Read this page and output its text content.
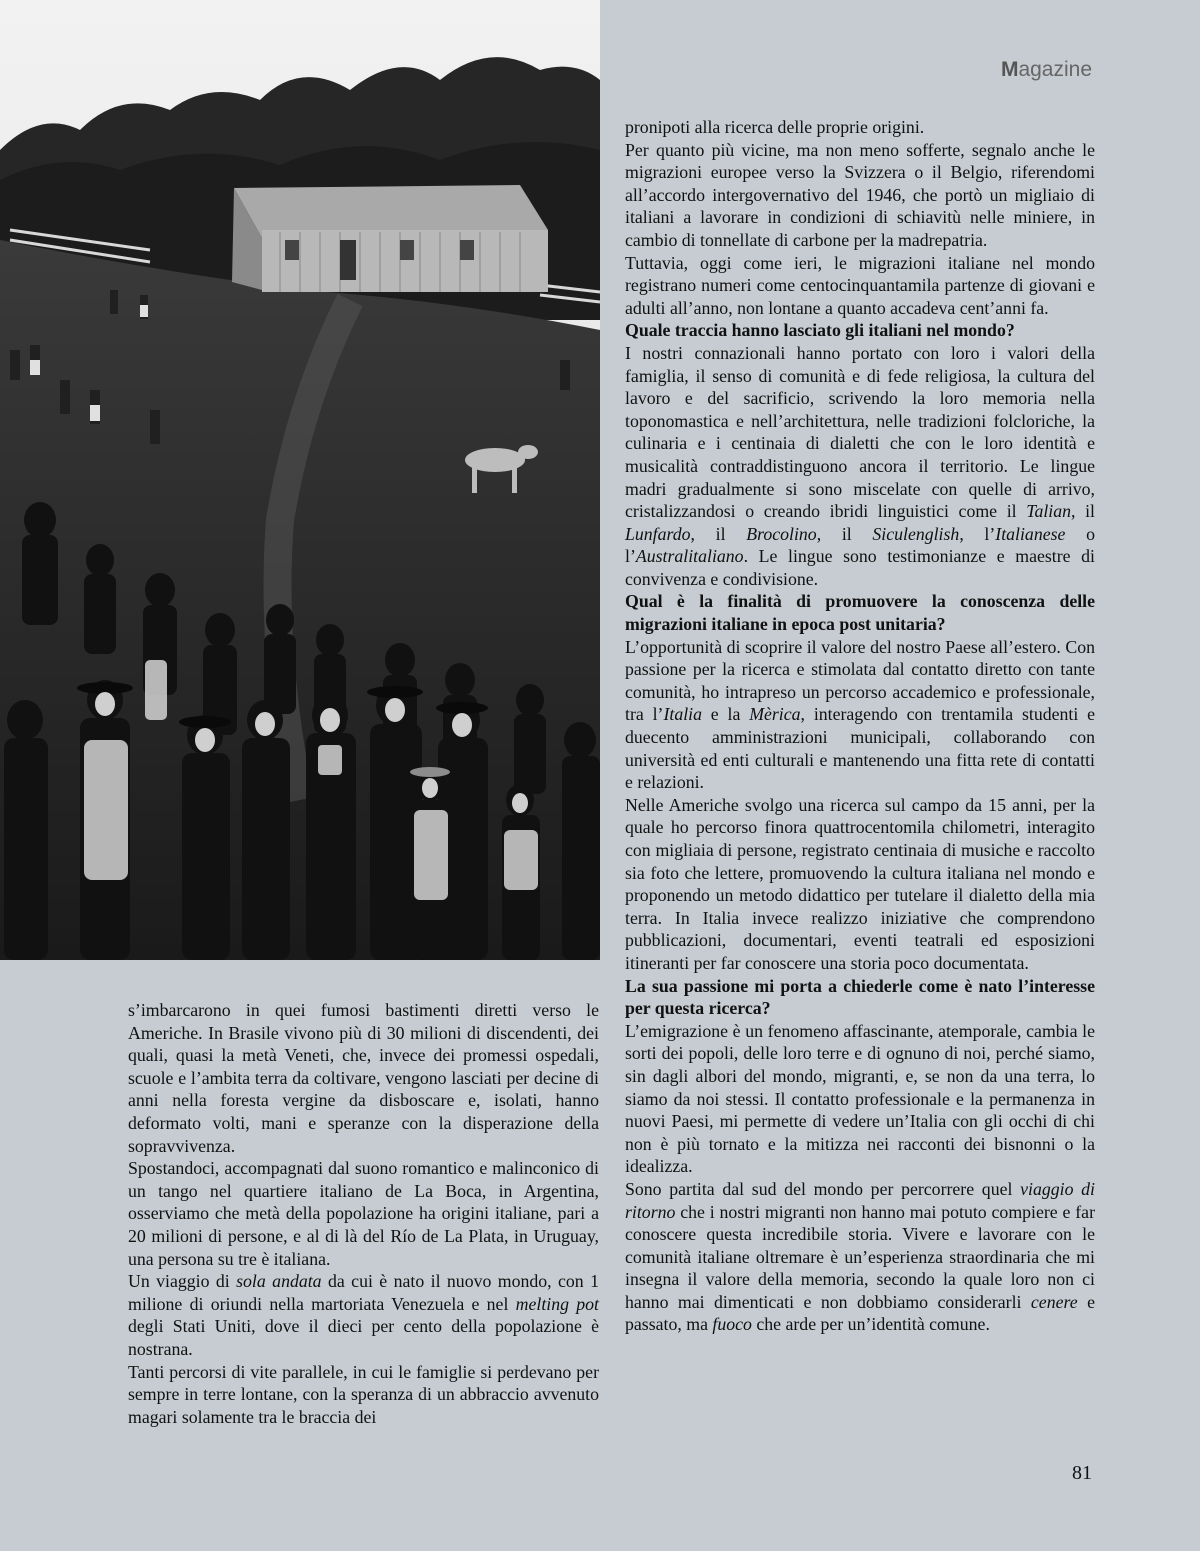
Magazine

pronipoti alla ricerca delle proprie origini.

Per quanto più vicine, ma non meno sofferte, segnalo anche le migrazioni europee verso la Svizzera o il Belgio, riferendomi all’accordo intergovernativo del 1946, che portò un migliaio di italiani a lavorare in condizioni di schiavitù nelle miniere, in cambio di tonnellate di carbone per la madrepatria.

Tuttavia, oggi come ieri, le migrazioni italiane nel mondo registrano numeri come centocinquantamila partenze di giovani e adulti all’anno, non lontane a quanto accadeva cent’anni fa.

Quale traccia hanno lasciato gli italiani nel mondo?

I nostri connazionali hanno portato con loro i valori della famiglia, il senso di comunità e di fede religiosa, la cultura del lavoro e del sacrificio, scrivendo la loro memoria nella toponomastica e nell’architettura, nelle tradizioni folcloriche, la culinaria e i centinaia di dialetti che con le loro identità e musicalità contraddistinguono ancora il territorio. Le lingue madri gradualmente si sono miscelate con quelle di arrivo, cristalizzandosi o creando ibridi linguistici come il Talian, il Lunfardo, il Brocolino, il Siculenglish, l’Italianese o l’Australitaliano. Le lingue sono testimonianze e maestre di convivenza e condivisione.

Qual è la finalità di promuovere la conoscenza delle migrazioni italiane in epoca post unitaria?

L’opportunità di scoprire il valore del nostro Paese all’estero. Con passione per la ricerca e stimolata dal contatto diretto con tante comunità, ho intrapreso un percorso accademico e professionale, tra l’Italia e la Mèrica, interagendo con trentamila studenti e duecento amministrazioni municipali, collaborando con università ed enti culturali e mantenendo una fitta rete di contatti e relazioni.

Nelle Americhe svolgo una ricerca sul campo da 15 anni, per la quale ho percorso finora quattrocentomila chilometri, interagito con migliaia di persone, registrato centinaia di musiche e raccolto sia foto che lettere, promuovendo la cultura italiana nel mondo e proponendo un metodo didattico per tutelare il dialetto della mia terra. In Italia invece realizzo iniziative che comprendono pubblicazioni, documentari, eventi teatrali ed esposizioni itineranti per far conoscere una storia poco documentata.

La sua passione mi porta a chiederle come è nato l’interesse per questa ricerca?

L’emigrazione è un fenomeno affascinante, atemporale, cambia le sorti dei popoli, delle loro terre e di ognuno di noi, perché siamo, sin dagli albori del mondo, migranti, e, se non da una terra, lo siamo da noi stessi. Il contatto professionale e la permanenza in nuovi Paesi, mi permette di vedere un’Italia con gli occhi di chi non è più tornato e la mitizza nei racconti dei bisnonni o la idealizza.

Sono partita dal sud del mondo per percorrere quel viaggio di ritorno che i nostri migranti non hanno mai potuto compiere e far conoscere questa incredibile storia. Vivere e lavorare con le comunità italiane oltremare è un’esperienza straordinaria che mi insegna il valore della memoria, secondo la quale loro non ci hanno mai dimenticati e non dobbiamo considerarli cenere e passato, ma fuoco che arde per un’identità comune.

s’imbarcarono in quei fumosi bastimenti diretti verso le Americhe. In Brasile vivono più di 30 milioni di discendenti, dei quali, quasi la metà Veneti, che, invece dei promessi ospedali, scuole e l’ambita terra da coltivare, vengono lasciati per decine di anni nella foresta vergine da disboscare e, isolati, hanno deformato volti, mani e speranze con la disperazione della sopravvivenza.

Spostandoci, accompagnati dal suono romantico e malinconico di un tango nel quartiere italiano de La Boca, in Argentina, osserviamo che metà della popolazione ha origini italiane, pari a 20 milioni di persone, e al di là del Río de La Plata, in Uruguay, una persona su tre è italiana.

Un viaggio di sola andata da cui è nato il nuovo mondo, con 1 milione di oriundi nella martoriata Venezuela e nel melting pot degli Stati Uniti, dove il dieci per cento della popolazione è nostrana.

Tanti percorsi di vite parallele, in cui le famiglie si perdevano per sempre in terre lontane, con la speranza di un abbraccio avvenuto magari solamente tra le braccia dei

81
